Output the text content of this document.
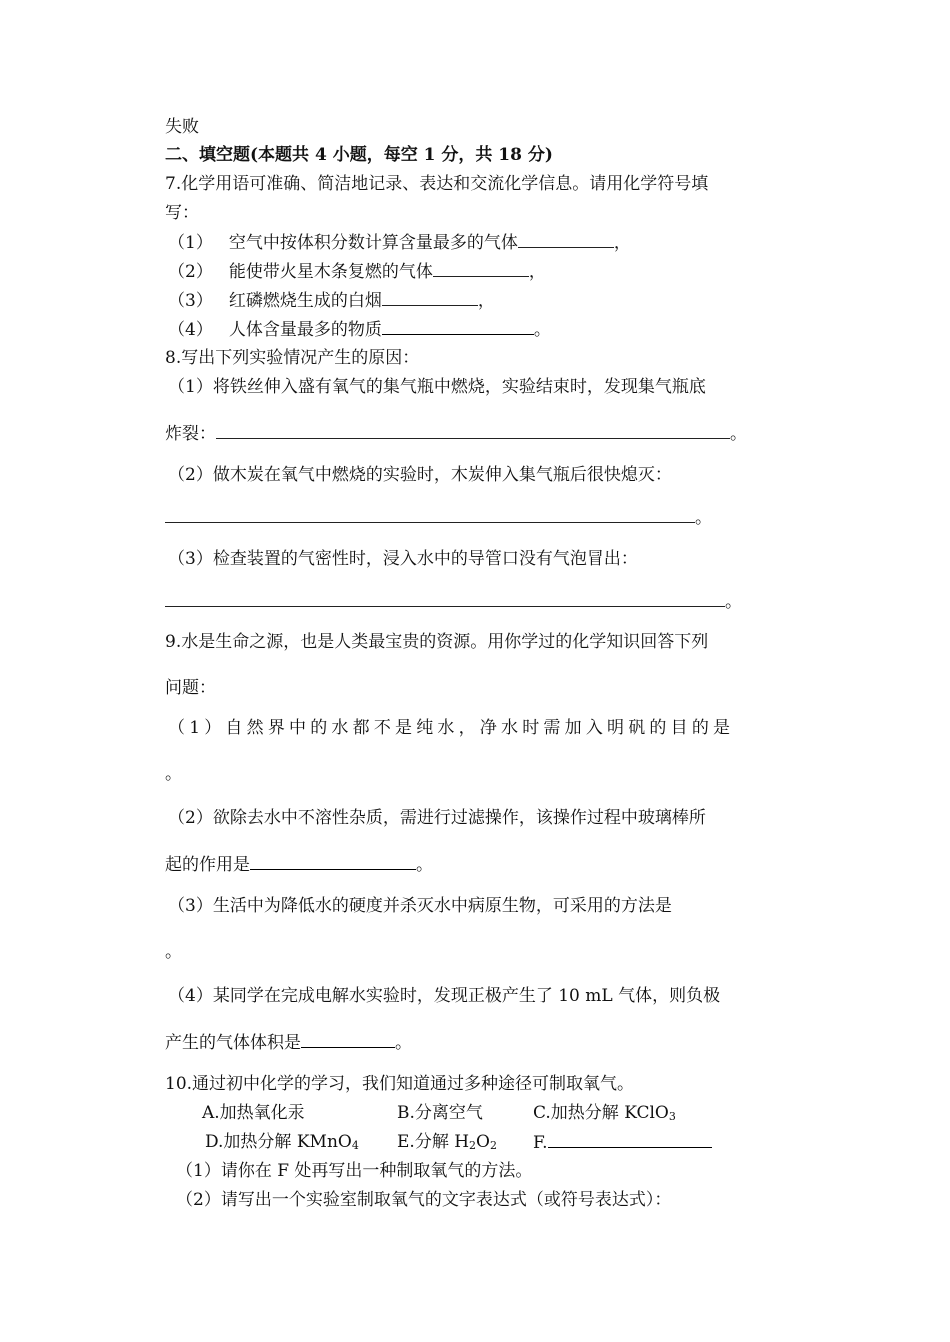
失败
二、填空题(本题共 4 小题，每空 1 分，共 18 分)
7.化学用语可准确、简洁地记录、表达和交流化学信息。请用化学符号填
写：
（1） 空气中按体积分数计算含量最多的气体	，
（2） 能使带火星木条复燃的气体	，
（3） 红磷燃烧生成的白烟	，
（4） 人体含量最多的物质	。
8.写出下列实验情况产生的原因：
（1）将铁丝伸入盛有氧气的集气瓶中燃烧，实验结束时，发现集气瓶底
炸裂：	。
（2）做木炭在氧气中燃烧的实验时，木炭伸入集气瓶后很快熄灭：
。
（3）检查装置的气密性时，浸入水中的导管口没有气泡冒出：
。
9.水是生命之源，也是人类最宝贵的资源。用你学过的化学知识回答下列
问题：
（1）自然界中的水都不是纯水，净水时需加入明矾的目的是
。
（2）欲除去水中不溶性杂质，需进行过滤操作，该操作过程中玻璃棒所
起的作用是	。
（3）生活中为降低水的硬度并杀灭水中病原生物，可采用的方法是
。
（4）某同学在完成电解水实验时，发现正极产生了 10 mL 气体，则负极
产生的气体体积是	。
10.通过初中化学的学习，我们知道通过多种途径可制取氧气。
A.加热氧化汞	B.分离空气	C.加热分解 KClO$_3$
D.加热分解 KMnO$_4$ E.分解 $H_2O_2$ F.
（1）请你在 F 处再写出一种制取氧气的方法。
（2）请写出一个实验室制取氧气的文字表达式（或符号表达式）：
